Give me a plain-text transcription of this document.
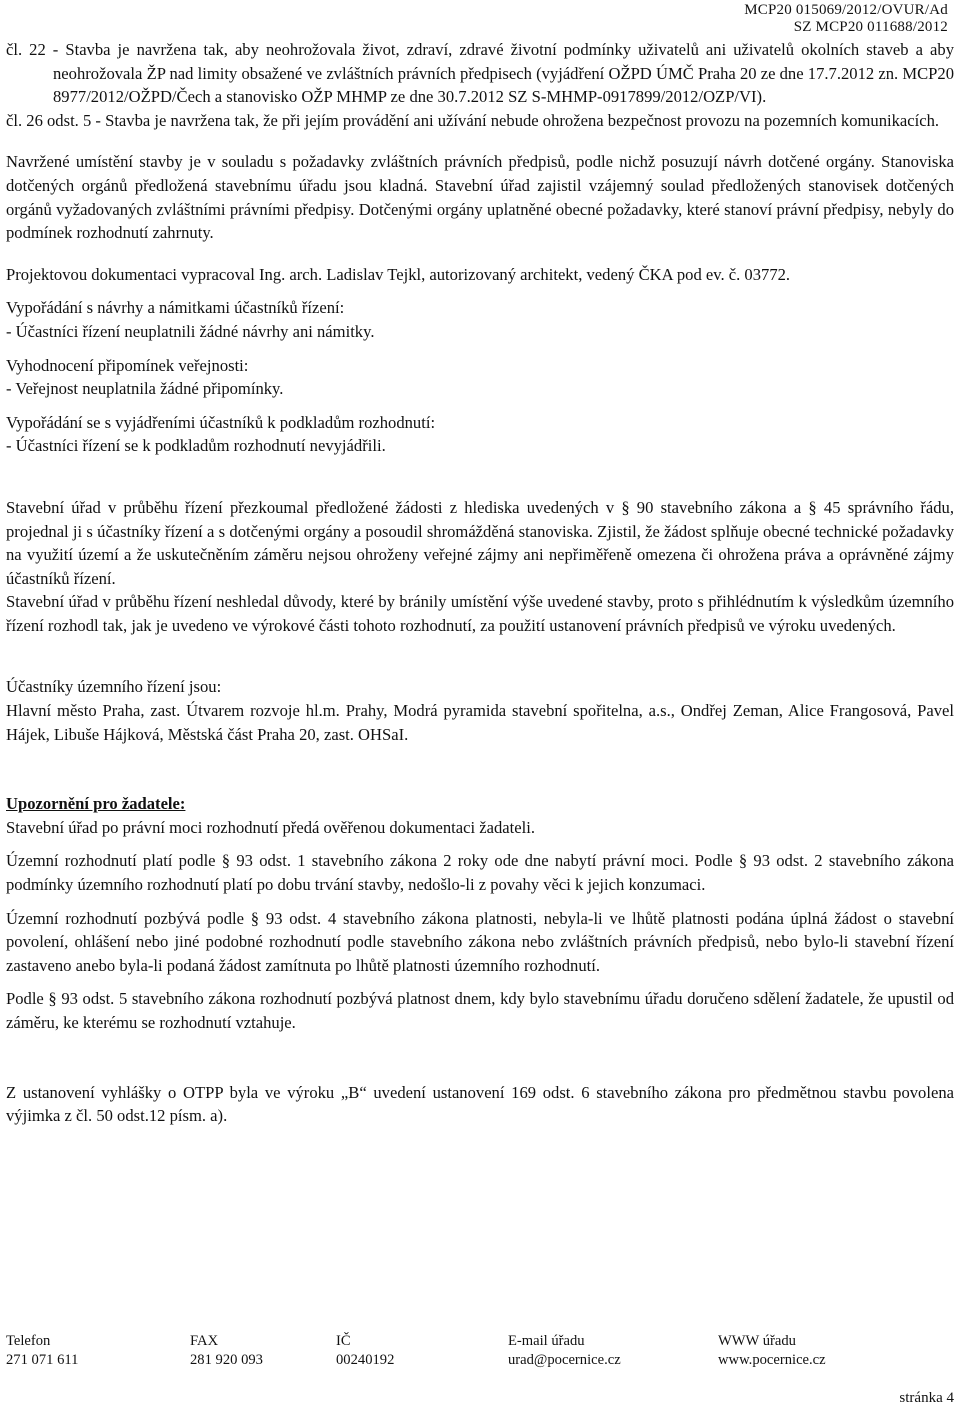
MCP20 015069/2012/OVUR/Ad
SZ MCP20 011688/2012

čl. 22 - Stavba je navržena tak, aby neohrožovala život, zdraví, zdravé životní podmínky uživatelů ani uživatelů okolních staveb a aby neohrožovala ŽP nad limity obsažené ve zvláštních právních předpisech (vyjádření OŽPD ÚMČ Praha 20 ze dne 17.7.2012 zn. MCP20 8977/2012/OŽPD/Čech a stanovisko OŽP MHMP ze dne 30.7.2012 SZ S-MHMP-0917899/2012/OZP/VI).

čl. 26 odst. 5 - Stavba je navržena tak, že při jejím provádění ani užívání nebude ohrožena bezpečnost provozu na pozemních komunikacích.

Navržené umístění stavby je v souladu s požadavky zvláštních právních předpisů, podle nichž posuzují návrh dotčené orgány. Stanoviska dotčených orgánů předložená stavebnímu úřadu jsou kladná. Stavební úřad zajistil vzájemný soulad předložených stanovisek dotčených orgánů vyžadovaných zvláštními právními předpisy. Dotčenými orgány uplatněné obecné požadavky, které stanoví právní předpisy, nebyly do podmínek rozhodnutí zahrnuty.

Projektovou dokumentaci vypracoval Ing. arch. Ladislav Tejkl, autorizovaný architekt, vedený ČKA pod ev. č. 03772.

Vypořádání s návrhy a námitkami účastníků řízení:

- Účastníci řízení neuplatnili žádné návrhy ani námitky.

Vyhodnocení připomínek veřejnosti:

- Veřejnost neuplatnila žádné připomínky.

Vypořádání se s vyjádřeními účastníků k podkladům rozhodnutí:

- Účastníci řízení se k podkladům rozhodnutí nevyjádřili.

Stavební úřad v průběhu řízení přezkoumal předložené žádosti z hlediska uvedených v § 90 stavebního zákona a § 45 správního řádu, projednal ji s účastníky řízení a s dotčenými orgány a posoudil shromážděná stanoviska. Zjistil, že žádost splňuje obecné technické požadavky na využití území a že uskutečněním záměru nejsou ohroženy veřejné zájmy ani nepřiměřeně omezena či ohrožena práva a oprávněné zájmy účastníků řízení.

Stavební úřad v průběhu řízení neshledal důvody, které by bránily umístění výše uvedené stavby, proto s přihlédnutím k výsledkům územního řízení rozhodl tak, jak je uvedeno ve výrokové části tohoto rozhodnutí, za použití ustanovení právních předpisů ve výroku uvedených.

Účastníky územního řízení jsou:

Hlavní město Praha, zast. Útvarem rozvoje hl.m. Prahy, Modrá pyramida stavební spořitelna, a.s., Ondřej Zeman, Alice Frangosová, Pavel Hájek, Libuše Hájková, Městská část Praha 20, zast. OHSaI.

Upozornění pro žadatele:

Stavební úřad po právní moci rozhodnutí předá ověřenou dokumentaci žadateli.

Územní rozhodnutí platí podle § 93 odst. 1 stavebního zákona 2 roky ode dne nabytí právní moci. Podle § 93 odst. 2 stavebního zákona podmínky územního rozhodnutí platí po dobu trvání stavby, nedošlo-li z povahy věci k jejich konzumaci.

Územní rozhodnutí pozbývá podle § 93 odst. 4 stavebního zákona platnosti, nebyla-li ve lhůtě platnosti podána úplná žádost o stavební povolení, ohlášení nebo jiné podobné rozhodnutí podle stavebního zákona nebo zvláštních právních předpisů, nebo bylo-li stavební řízení zastaveno anebo byla-li podaná žádost zamítnuta po lhůtě platnosti územního rozhodnutí.

Podle § 93 odst. 5 stavebního zákona rozhodnutí pozbývá platnost dnem, kdy bylo stavebnímu úřadu doručeno sdělení žadatele, že upustil od záměru, ke kterému se rozhodnutí vztahuje.

Z ustanovení vyhlášky o OTPP byla ve výroku „B“ uvedení ustanovení 169 odst. 6 stavebního zákona pro předmětnou stavbu povolena výjimka z čl. 50 odst.12 písm. a).

Telefon
271 071 611
FAX
281 920 093
IČ
00240192
E-mail úřadu
urad@pocernice.cz
WWW úřadu
www.pocernice.cz
stránka 4
